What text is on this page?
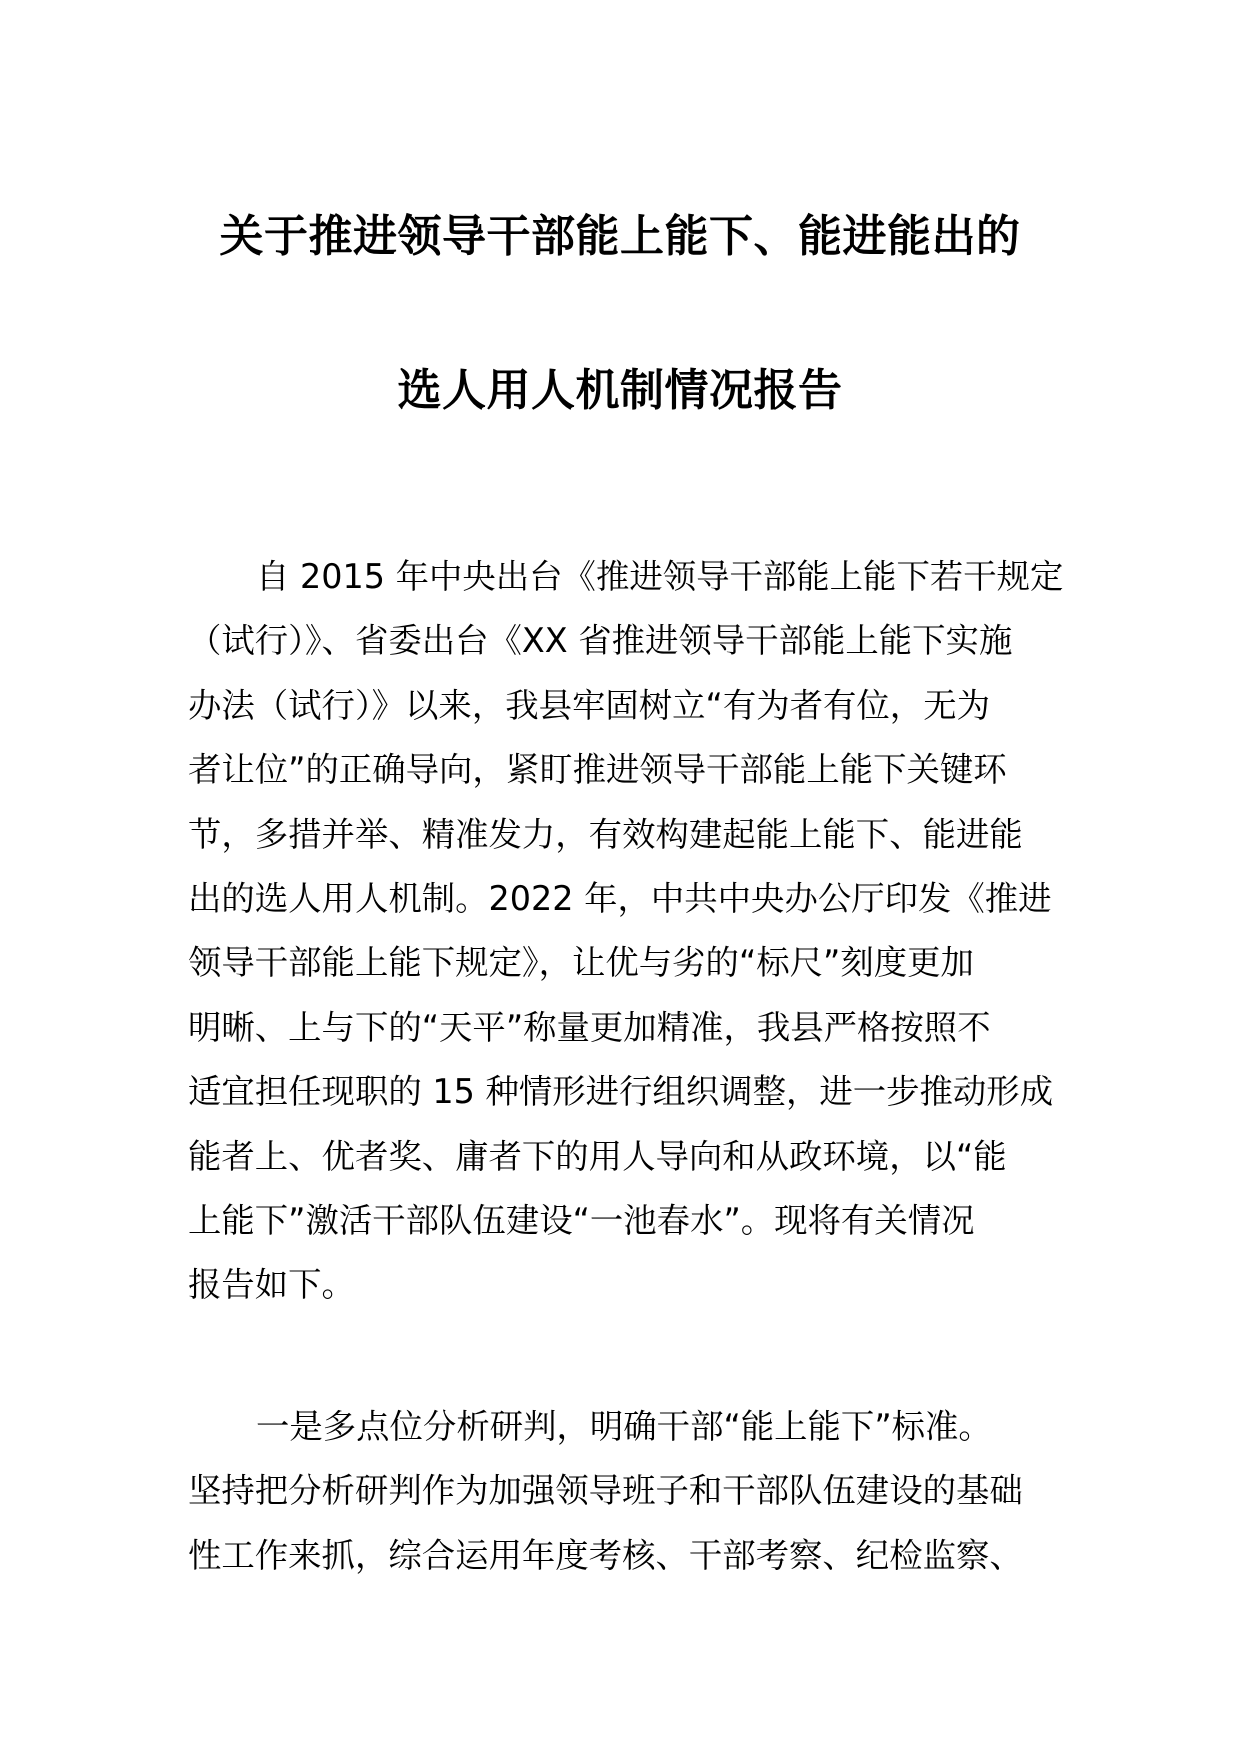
关于推进领导干部能上能下、能进能出的
选人用人机制情况报告
自 2015 年中央出台《推进领导干部能上能下若干规定
（试行）》、省委出台《XX 省推进领导干部能上能下实施
办法（试行）》以来，我县牢固树立“有为者有位，无为
者让位”的正确导向，紧盯推进领导干部能上能下关键环
节，多措并举、精准发力，有效构建起能上能下、能进能
出的选人用人机制。2022 年，中共中央办公厅印发《推进
领导干部能上能下规定》，让优与劣的“标尺”刻度更加
明晰、上与下的“天平”称量更加精准，我县严格按照不
适宜担任现职的 15 种情形进行组织调整，进一步推动形成
能者上、优者奖、庸者下的用人导向和从政环境，以“能
上能下”激活干部队伍建设“一池春水”。现将有关情况
报告如下。
一是多点位分析研判，明确干部“能上能下”标准。
坚持把分析研判作为加强领导班子和干部队伍建设的基础
性工作来抓，综合运用年度考核、干部考察、纪检监察、
